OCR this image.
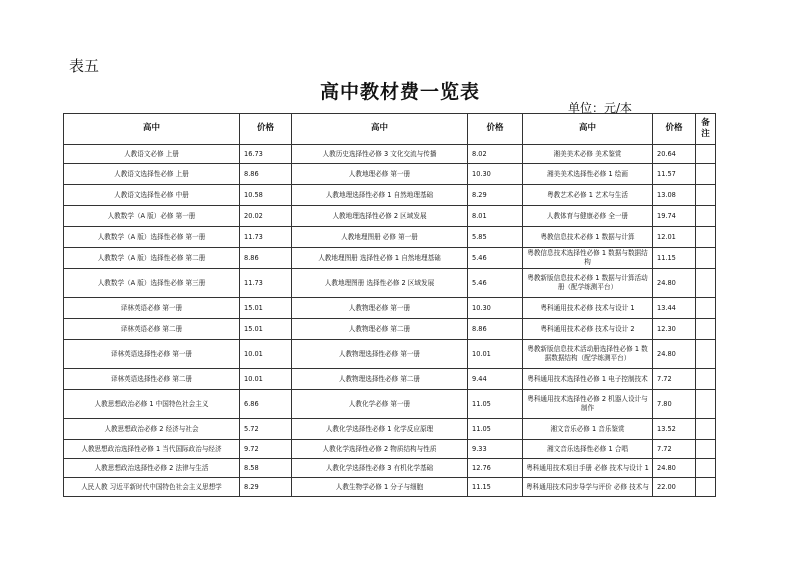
表五
高中教材费一览表
单位：元/本
高中	价格	高中	价格	高中	价格	备注
人教语文必修 上册	16.73	人教历史选择性必修 3 文化交流与传播	8.02	湘美美术必修 美术鉴赏	20.64	
人教语文选择性必修 上册	8.86	人教地理必修 第一册	10.30	湘美美术选择性必修 1 绘画	11.57	
人教语文选择性必修 中册	10.58	人教地理选择性必修 1 自然地理基础	8.29	粤教艺术必修 1 艺术与生活	13.08	
人教数学（A 版）必修 第一册	20.02	人教地理选择性必修 2 区域发展	8.01	人教体育与健康必修 全一册	19.74	
人教数学（A 版）选择性必修 第一册	11.73	人教地理图册 必修 第一册	5.85	粤教信息技术必修 1 数据与计算	12.01	
人教数学（A 版）选择性必修 第二册	8.86	人教地理图册 选择性必修 1 自然地理基础	5.46	粤教信息技术选择性必修 1 数据与数据结构	11.15	
人教数学（A 版）选择性必修 第三册	11.73	人教地理图册 选择性必修 2 区域发展	5.46	粤教新版信息技术必修 1 数据与计算活动册（配学练测平台）	24.80	
译林英语必修 第一册	15.01	人教物理必修 第一册	10.30	粤科通用技术必修 技术与设计 1	13.44	
译林英语必修 第二册	15.01	人教物理必修 第二册	8.86	粤科通用技术必修 技术与设计 2	12.30	
译林英语选择性必修 第一册	10.01	人教物理选择性必修 第一册	10.01	粤教新版信息技术活动册选择性必修 1 数据数据结构（配学练测平台）	24.80	
译林英语选择性必修 第二册	10.01	人教物理选择性必修 第二册	9.44	粤科通用技术选择性必修 1 电子控制技术	7.72	
人教思想政治必修 1 中国特色社会主义	6.86	人教化学必修 第一册	11.05	粤科通用技术选择性必修 2 机器人设计与制作	7.80	
人教思想政治必修 2 经济与社会	5.72	人教化学选择性必修 1 化学反应原理	11.05	湘文音乐必修 1 音乐鉴赏	13.52	
人教思想政治选择性必修 1 当代国际政治与经济	9.72	人教化学选择性必修 2 物质结构与性质	9.33	湘文音乐选择性必修 1 合唱	7.72	
人教思想政治选择性必修 2 法律与生活	8.58	人教化学选择性必修 3 有机化学基础	12.76	粤科通用技术项目手册 必修 技术与设计 1	24.80	
人民人教 习近平新时代中国特色社会主义思想学	8.29	人教生物学必修 1 分子与细胞	11.15	粤科通用技术同步导学与评价 必修 技术与	22.00	
